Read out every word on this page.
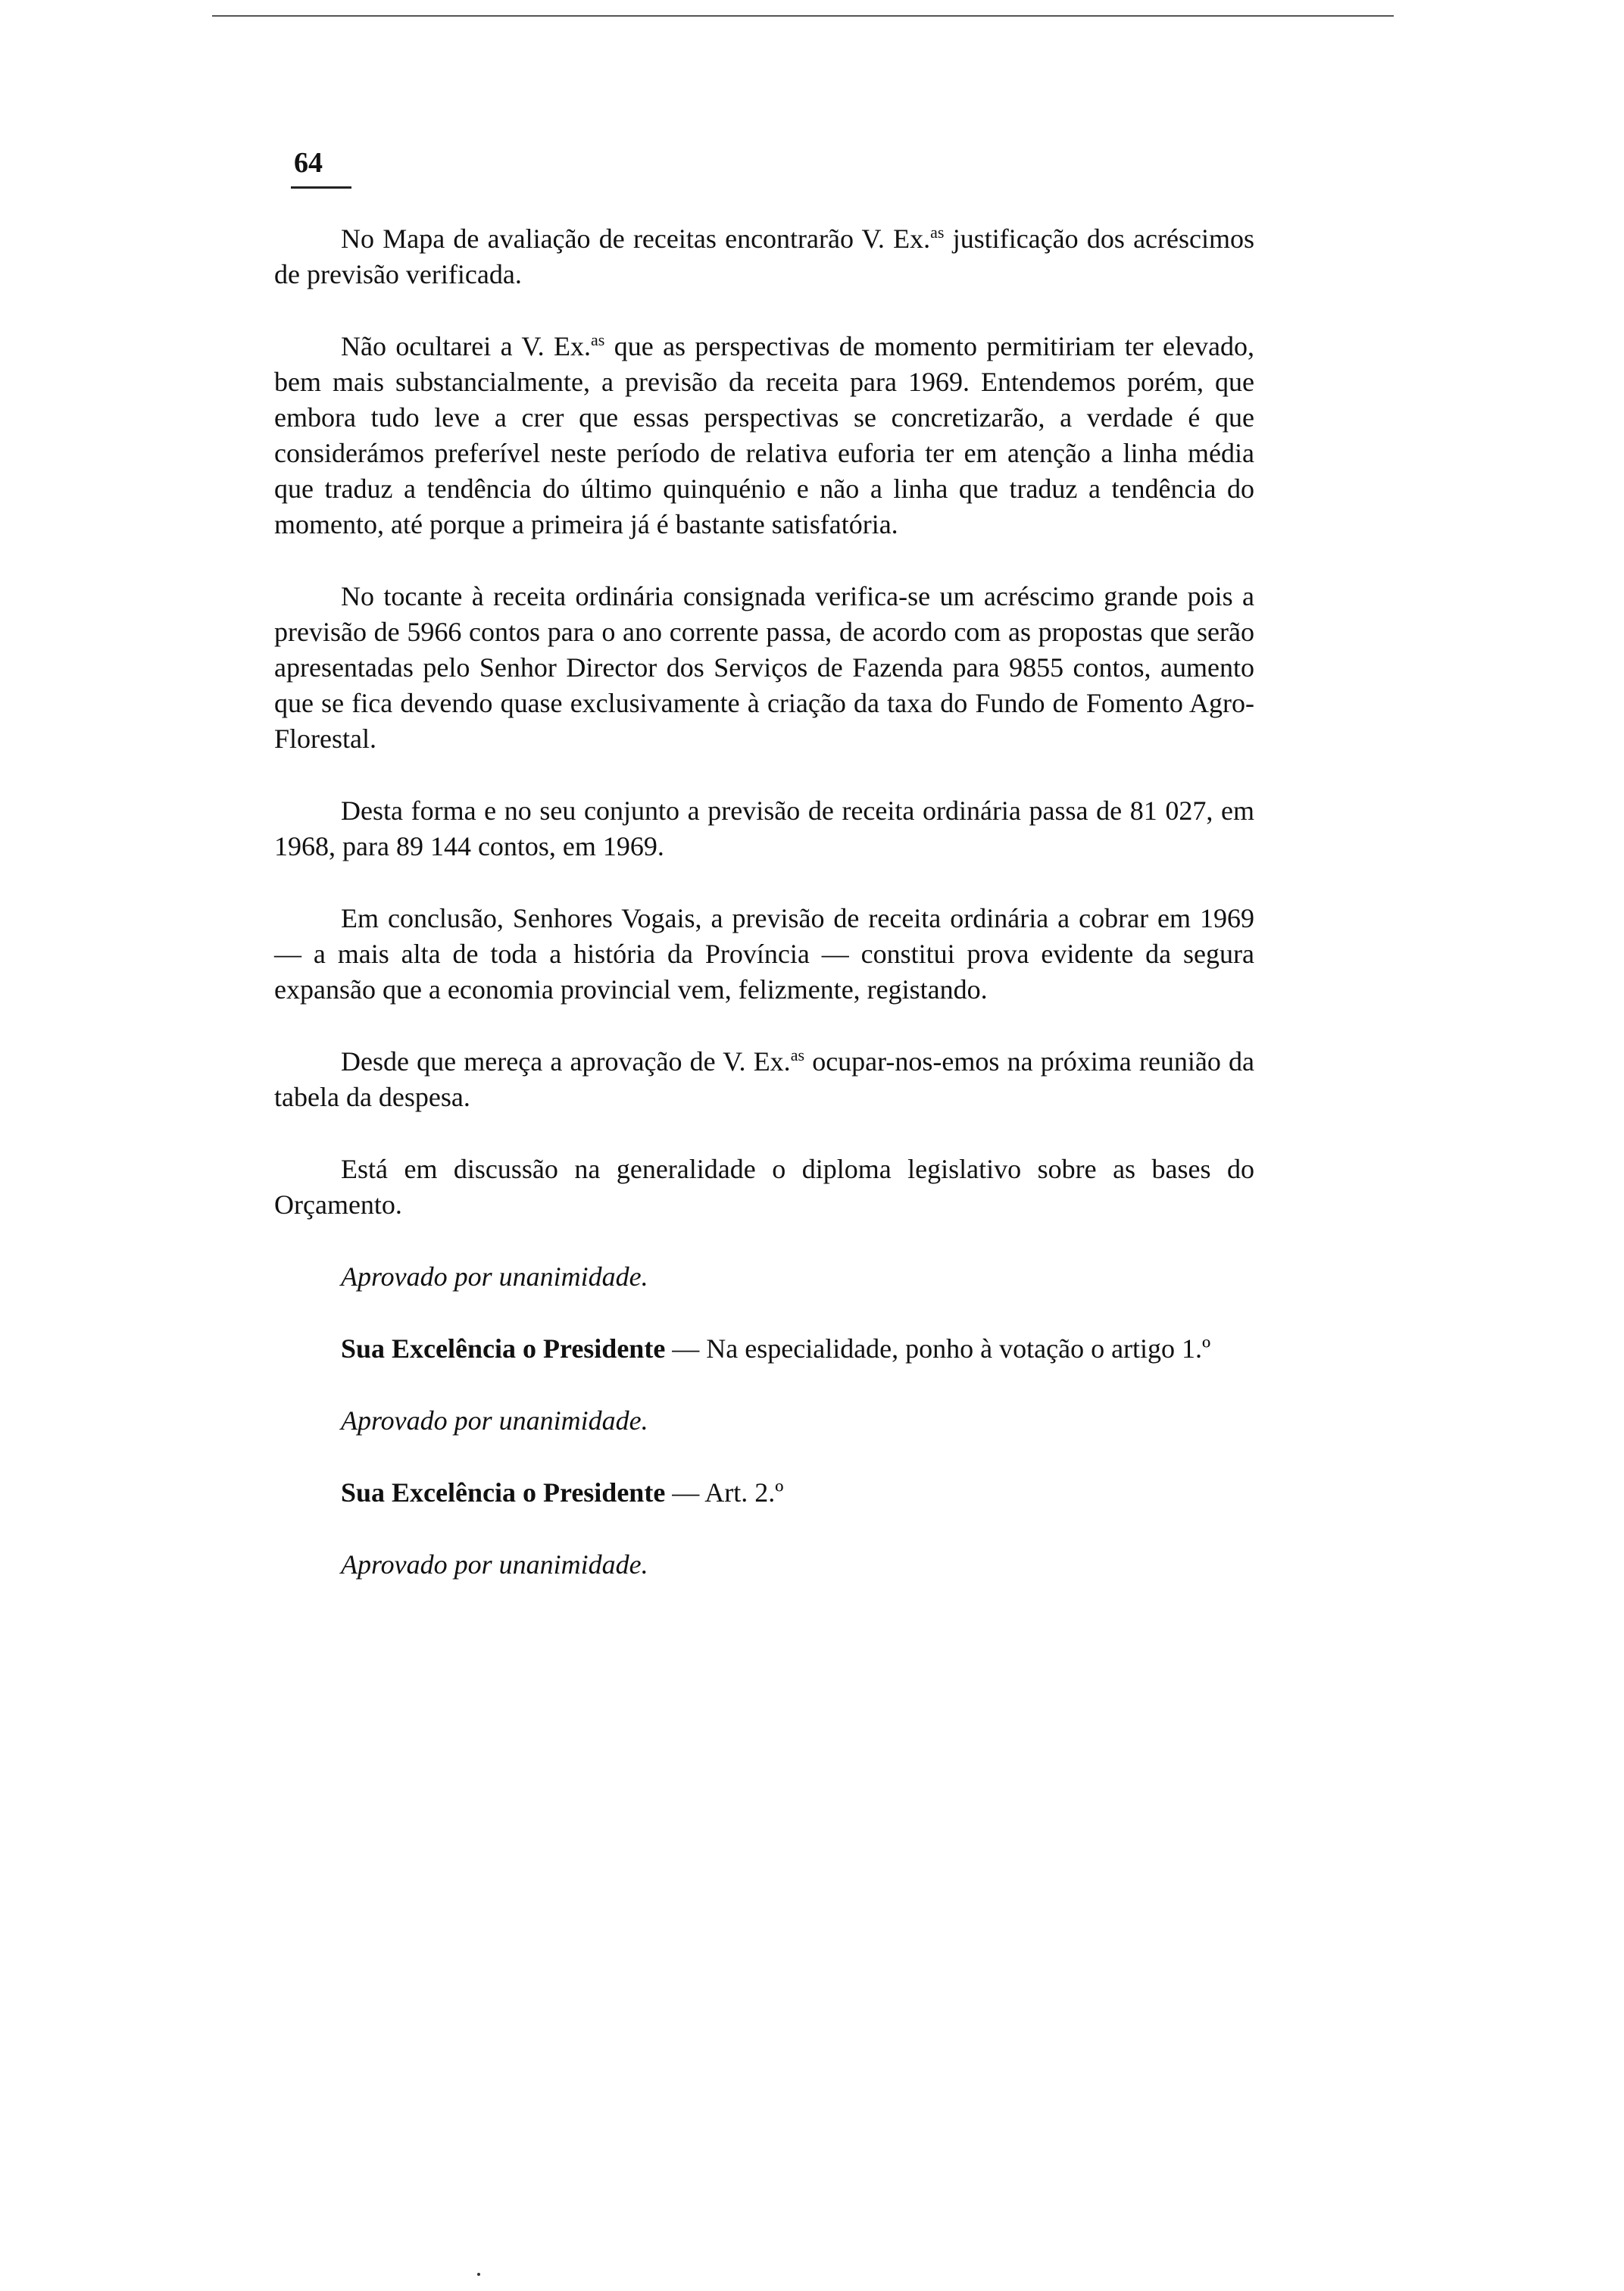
64

No Mapa de avaliação de receitas encontrarão V. Ex.$^{as}$ justificação dos acréscimos de previsão verificada.

Não ocultarei a V. Ex.$^{as}$ que as perspectivas de momento permitiriam ter elevado, bem mais substancialmente, a previsão da receita para 1969. Entendemos porém, que embora tudo leve a crer que essas perspectivas se concretizarão, a verdade é que considerámos preferível neste período de relativa euforia ter em atenção a linha média que traduz a tendência do último quinquénio e não a linha que traduz a tendência do momento, até porque a primeira já é bastante satisfatória.

No tocante à receita ordinária consignada verifica-se um acréscimo grande pois a previsão de 5966 contos para o ano corrente passa, de acordo com as propostas que serão apresentadas pelo Senhor Director dos Serviços de Fazenda para 9855 contos, aumento que se fica devendo quase exclusivamente à criação da taxa do Fundo de Fomento Agro-Florestal.

Desta forma e no seu conjunto a previsão de receita ordinária passa de 81 027, em 1968, para 89 144 contos, em 1969.

Em conclusão, Senhores Vogais, a previsão de receita ordinária a cobrar em 1969 — a mais alta de toda a história da Província — constitui prova evidente da segura expansão que a economia provincial vem, felizmente, registando.

Desde que mereça a aprovação de V. Ex.$^{as}$ ocupar-nos-emos na próxima reunião da tabela da despesa.

Está em discussão na generalidade o diploma legislativo sobre as bases do Orçamento.

Aprovado por unanimidade.

Sua Excelência o Presidente — Na especialidade, ponho à votação o artigo 1.º

Aprovado por unanimidade.

Sua Excelência o Presidente — Art. 2.º

Aprovado por unanimidade.
